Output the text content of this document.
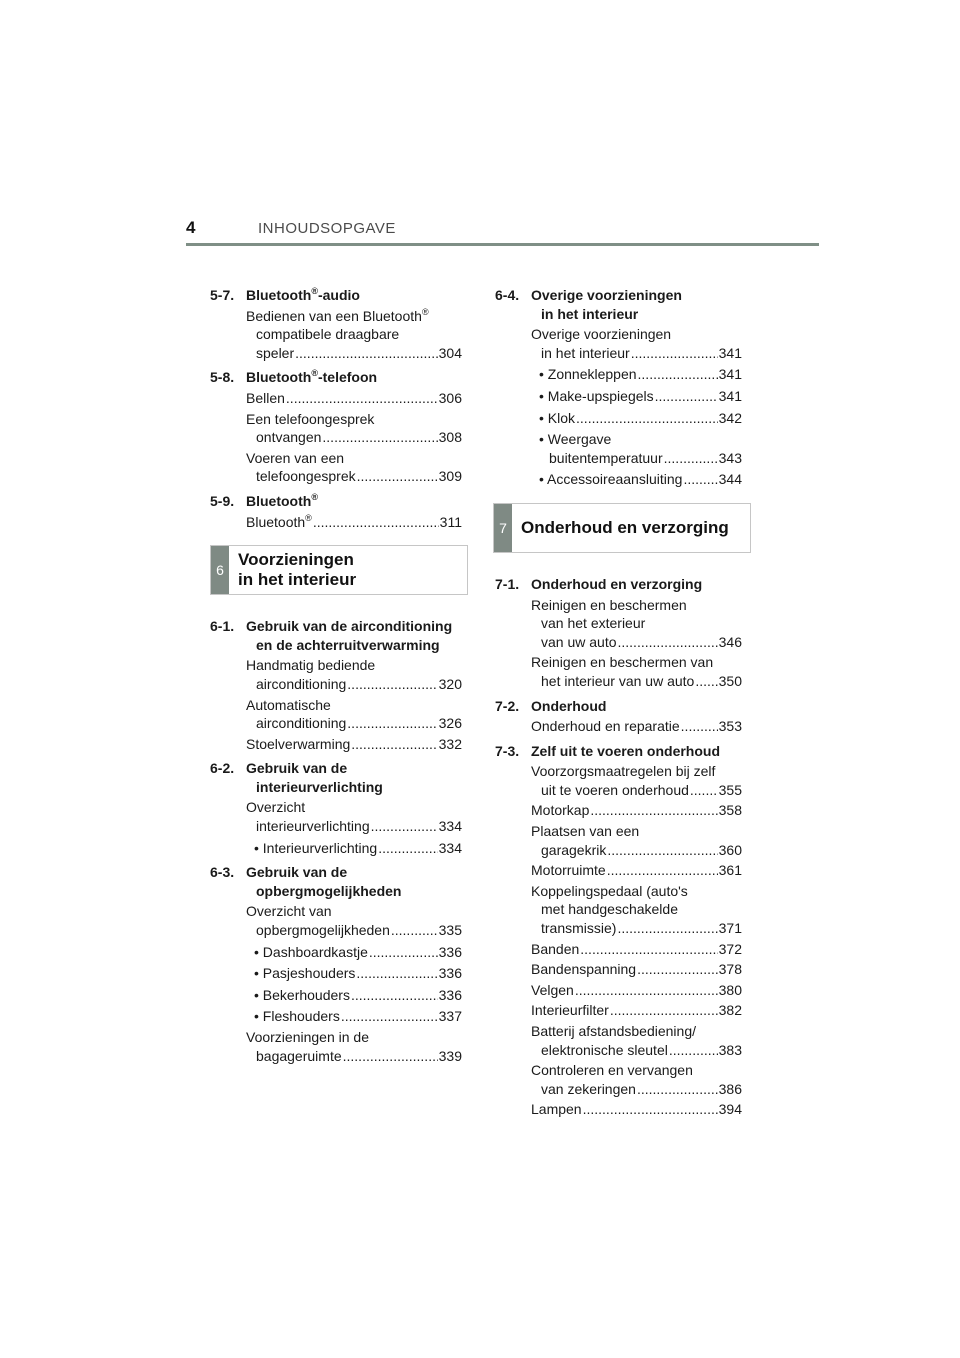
4	INHOUDSOPGAVE
5-7. Bluetooth®-audio
Bedienen van een Bluetooth®
compatibele draagbare
speler .....	304
5-8. Bluetooth®-telefoon
Bellen .....	306
Een telefoongesprek
ontvangen .....	308
Voeren van een
telefoongesprek .....	309
5-9. Bluetooth®
Bluetooth® .....	311
6
Voorzieningen
in het interieur
6-1. Gebruik van de airconditioning
en de achterruitverwarming
Handmatig bediende
airconditioning .....	320
Automatische
airconditioning .....	326
Stoelverwarming .....	332
6-2. Gebruik van de
interieurverlichting
Overzicht
interieurverlichting .....	334
• Interieurverlichting .....	334
6-3. Gebruik van de
opbergmogelijkheden
Overzicht van
opbergmogelijkheden .....	335
• Dashboardkastje .....	336
• Pasjeshouders .....	336
• Bekerhouders .....	336
• Fleshouders .....	337
Voorzieningen in de
bagageruimte .....	339
6-4. Overige voorzieningen
in het interieur
Overige voorzieningen
in het interieur .....	341
• Zonnekleppen .....	341
• Make-upspiegels .....	341
• Klok .....	342
• Weergave
buitentemperatuur .....	343
• Accessoireaansluiting .....	344
7 Onderhoud en verzorging
7-1. Onderhoud en verzorging
Reinigen en beschermen
van het exterieur
van uw auto .....	346
Reinigen en beschermen van
het interieur van uw auto ..... 350
7-2. Onderhoud
Onderhoud en reparatie .....	353
7-3. Zelf uit te voeren onderhoud
Voorzorgsmaatregelen bij zelf
uit te voeren onderhoud ..... 355
Motorkap .....	358
Plaatsen van een
garagekrik .....	360
Motorruimte .....	361
Koppelingspedaal (auto's
met handgeschakelde
transmissie) .....	371
Banden .....	372
Bandenspanning .....	378
Velgen .....	380
Interieurfilter .....	382
Batterij afstandsbediening/
elektronische sleutel .....	383
Controleren en vervangen
van zekeringen .....	386
Lampen .....	394
